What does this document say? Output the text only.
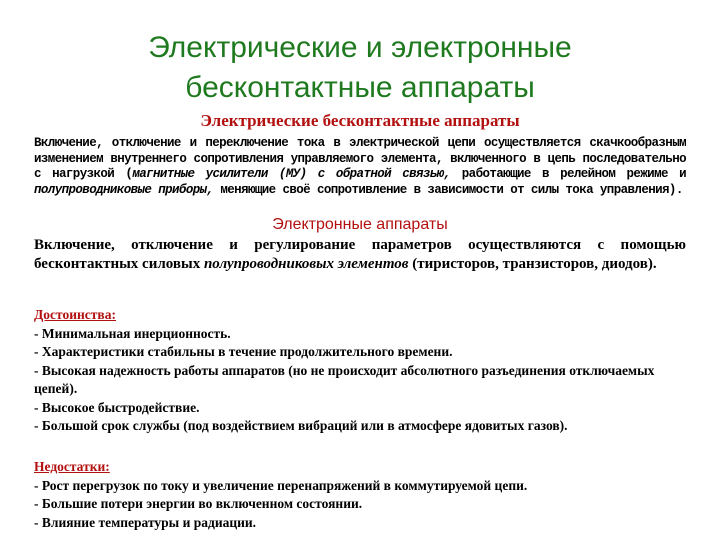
Электрические и электронные
бесконтактные аппараты
Электрические бесконтактные аппараты
Включение, отключение и переключение тока в электрической цепи осуществляется скачкообразным изменением внутреннего сопротивления управляемого элемента, включенного в цепь последовательно с нагрузкой (магнитные усилители (МУ) с обратной связью, работающие в релейном режиме и полупроводниковые приборы, меняющие своё сопротивление в зависимости от силы тока управления).
Электронные аппараты
Включение, отключение и регулирование параметров осуществляются с помощью бесконтактных силовых полупроводниковых элементов (тиристоров, транзисторов, диодов).
Достоинства:
- Минимальная инерционность.
- Характеристики стабильны в течение продолжительного времени.
- Высокая надежность работы аппаратов (но не происходит абсолютного разъединения отключаемых цепей).
- Высокое быстродействие.
- Большой срок службы (под воздействием вибраций или в атмосфере ядовитых газов).
Недостатки:
- Рост перегрузок по току и увеличение перенапряжений в коммутируемой цепи.
- Большие потери энергии во включенном состоянии.
- Влияние температуры и радиации.
